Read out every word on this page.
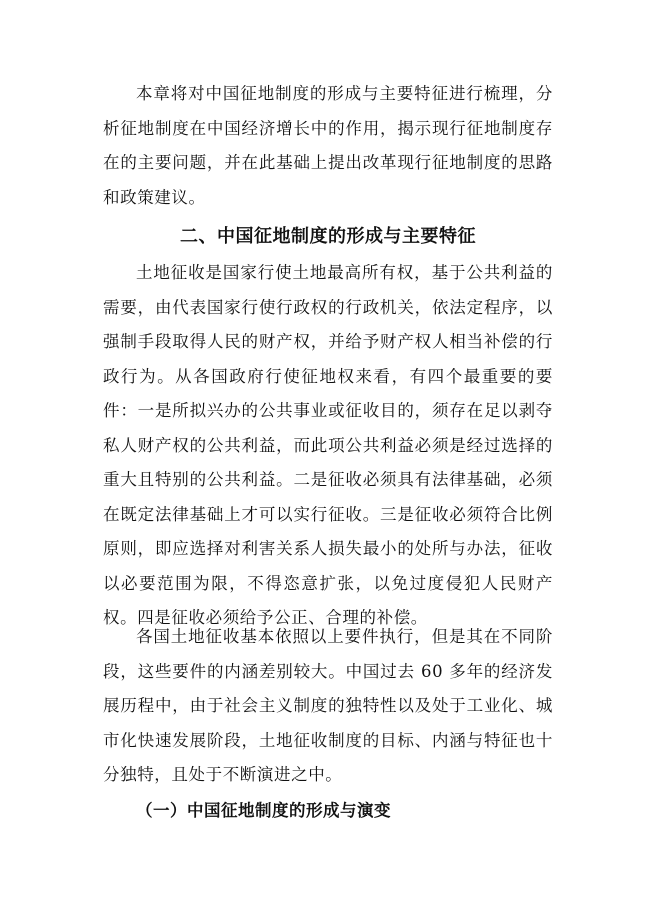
本章将对中国征地制度的形成与主要特征进行梳理，分析征地制度在中国经济增长中的作用，揭示现行征地制度存在的主要问题，并在此基础上提出改革现行征地制度的思路和政策建议。

二、中国征地制度的形成与主要特征

土地征收是国家行使土地最高所有权，基于公共利益的需要，由代表国家行使行政权的行政机关，依法定程序，以强制手段取得人民的财产权，并给予财产权人相当补偿的行政行为。从各国政府行使征地权来看，有四个最重要的要件：一是所拟兴办的公共事业或征收目的，须存在足以剥夺私人财产权的公共利益，而此项公共利益必须是经过选择的重大且特别的公共利益。二是征收必须具有法律基础，必须在既定法律基础上才可以实行征收。三是征收必须符合比例原则，即应选择对利害关系人损失最小的处所与办法，征收以必要范围为限，不得恣意扩张，以免过度侵犯人民财产权。四是征收必须给予公正、合理的补偿。

各国土地征收基本依照以上要件执行，但是其在不同阶段，这些要件的内涵差别较大。中国过去 60 多年的经济发展历程中，由于社会主义制度的独特性以及处于工业化、城市化快速发展阶段，土地征收制度的目标、内涵与特征也十分独特，且处于不断演进之中。

（一）中国征地制度的形成与演变
